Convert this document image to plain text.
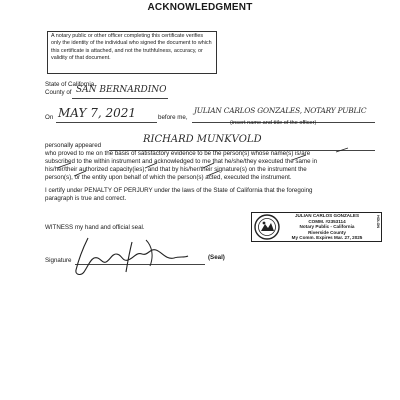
ACKNOWLEDGMENT
A notary public or other officer completing this certificate verifies only the identity of the individual who signed the document to which this certificate is attached, and not the truthfulness, accuracy, or validity of that document.
State of California
County of SAN BERNARDINO
On MAY 7, 2021	before me,
JULIAN CARLOS GONZALES, NOTARY PUBLIC
(insert name and title of the officer)
personally appeared
RICHARD MUNKVOLD
who proved to me on the basis of satisfactory evidence to be the person(s) whose name(s) is/are
subscribed to the within instrument and acknowledged to me that he/she/they executed the same in
his/her/their authorized capacity(ies), and that by his/her/their signature(s) on the instrument the
person(s), or the entity upon behalf of which the person(s) acted, executed the instrument.
I certify under PENALTY OF PERJURY under the laws of the State of California that the foregoing
paragraph is true and correct.
WITNESS my hand and official seal.
Signature	(Seal)
JULIAN CARLOS GONZALES
COMM. #2353114
Notary Public - California
Riverside County
My Comm. Expires Mar. 27, 2025
HOLON
